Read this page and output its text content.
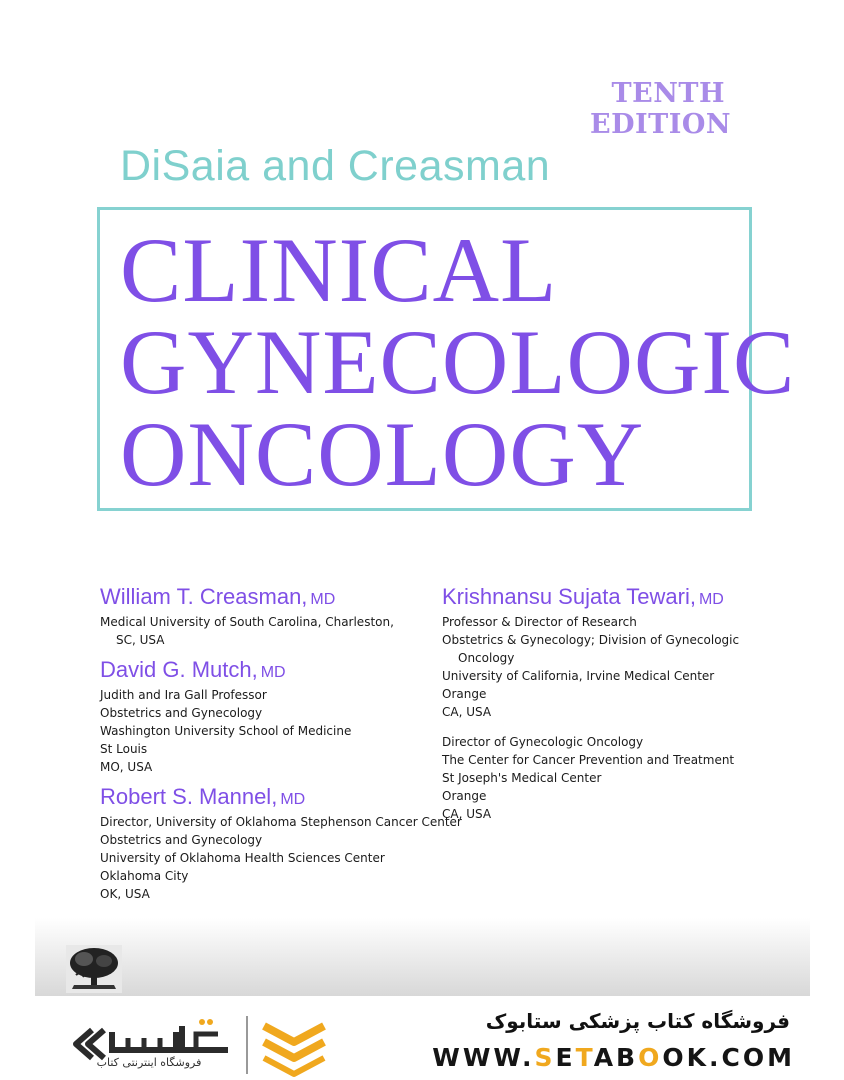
TENTH
EDITION
DiSaia and Creasman
CLINICAL
GYNECOLOGIC
ONCOLOGY
William T. Creasman, MD
Medical University of South Carolina, Charleston,
SC, USA
David G. Mutch, MD
Judith and Ira Gall Professor
Obstetrics and Gynecology
Washington University School of Medicine
St Louis
MO, USA
Robert S. Mannel, MD
Director, University of Oklahoma Stephenson Cancer Center
Obstetrics and Gynecology
University of Oklahoma Health Sciences Center
Oklahoma City
OK, USA
Krishnansu Sujata Tewari, MD
Professor & Director of Research
Obstetrics & Gynecology; Division of Gynecologic
Oncology
University of California, Irvine Medical Center
Orange
CA, USA
Director of Gynecologic Oncology
The Center for Cancer Prevention and Treatment
St Joseph's Medical Center
Orange
CA, USA
فروشگاه اینترنتی کتاب
فروشگاه کتاب پزشکی ستابوک
WWW.SETABOOK.COM
